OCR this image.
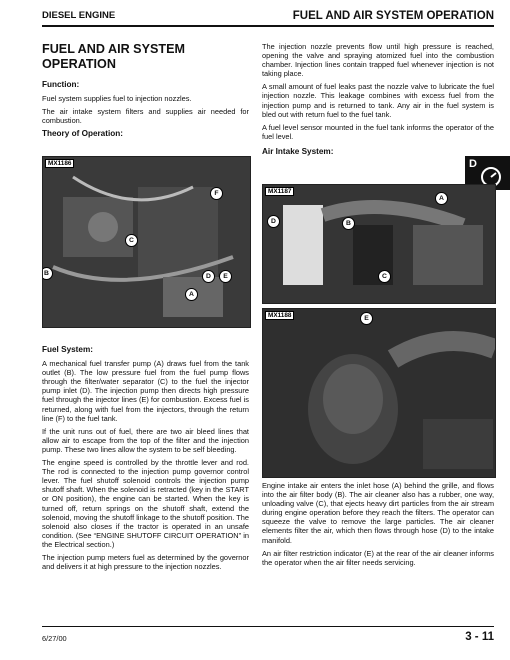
DIESEL ENGINE	FUEL AND AIR SYSTEM OPERATION
FUEL AND AIR SYSTEM OPERATION
Function:

Fuel system supplies fuel to injection nozzles.

The air intake system filters and supplies air needed for combustion.

Theory of Operation:
MX1186
F
C
B	D	E
A
Fuel System:

A mechanical fuel transfer pump (A) draws fuel from the tank outlet (B). The low pressure fuel from the fuel pump flows through the filter/water separator (C) to the fuel the injector pump inlet (D). The injection pump then directs high pressure fuel through the injector lines (E) for combustion. Excess fuel is returned, along with fuel from the injectors, through the return line (F) to the fuel tank.

If the unit runs out of fuel, there are two air bleed lines that allow air to escape from the top of the filter and the injection pump. These two lines allow the system to be self bleeding.

The engine speed is controlled by the throttle lever and rod. The rod is connected to the injection pump governor control lever. The fuel shutoff solenoid controls the injection pump shutoff shaft. When the solenoid is retracted (key in the START or ON position), the engine can be started. When the key is turned off, return springs on the shutoff shaft, extend the solenoid, moving the shutoff linkage to the shutoff position. The solenoid also closes if the tractor is operated in an unsafe condition. (See “ENGINE SHUTOFF CIRCUIT OPERATION” in the Electrical section.)

The injection pump meters fuel as determined by the governor and delivers it at high pressure to the injection nozzles.

The injection nozzle prevents flow until high pressure is reached, opening the valve and spraying atomized fuel into the combustion chamber. Injection lines contain trapped fuel whenever injection is not taking place.

A small amount of fuel leaks past the nozzle valve to lubricate the fuel injection nozzle. This leakage combines with excess fuel from the injection pump and is returned to tank. Any air in the fuel system is bled out with return fuel to the fuel tank.

A fuel level sensor mounted in the fuel tank informs the operator of the fuel level.

Air Intake System:
D
MX1187
B
A
D
C
MX1188	E

Engine intake air enters the inlet hose (A) behind the grille, and flows into the air filter body (B). The air cleaner also has a rubber, one way, unloading valve (C), that ejects heavy dirt particles from the air stream during engine operation before they reach the filters. The operator can squeeze the valve to remove the large particles. The air cleaner elements filter the air, which then flows through hose (D) to the intake manifold.

An air filter restriction indicator (E) at the rear of the air cleaner informs the operator when the air filter needs servicing.

6/27/00	3 - 11
